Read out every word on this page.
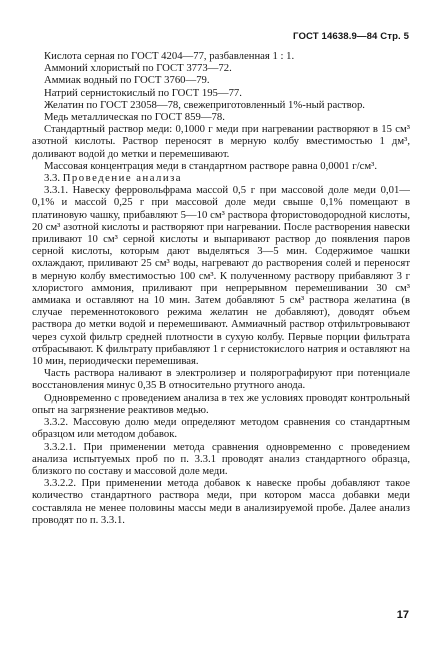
ГОСТ 14638.9—84 Стр. 5

Кислота серная по ГОСТ 4204—77, разбавленная 1 : 1.

Аммоний хлористый по ГОСТ 3773—72.

Аммиак водный по ГОСТ 3760—79.

Натрий сернистокислый по ГОСТ 195—77.

Желатин по ГОСТ 23058—78, свежеприготовленный 1%-ный раствор.

Медь металлическая по ГОСТ 859—78.

Стандартный раствор меди: 0,1000 г меди при нагревании растворяют в 15 см³ азотной кислоты. Раствор переносят в мерную колбу вместимостью 1 дм³, доливают водой до метки и перемешивают.

Массовая концентрация меди в стандартном растворе равна 0,0001 г/см³.

3.3. Проведение анализа

3.3.1. Навеску ферровольфрама массой 0,5 г при массовой доле меди 0,01—0,1% и массой 0,25 г при массовой доле меди свыше 0,1% помещают в платиновую чашку, прибавляют 5—10 см³ раствора фтористоводородной кислоты, 20 см³ азотной кислоты и растворяют при нагревании. После растворения навески приливают 10 см³ серной кислоты и выпаривают раствор до появления паров серной кислоты, которым дают выделяться 3—5 мин. Содержимое чашки охлаждают, приливают 25 см³ воды, нагревают до растворения солей и переносят в мерную колбу вместимостью 100 см³. К полученному раствору прибавляют 3 г хлористого аммония, приливают при непрерывном перемешивании 30 см³ аммиака и оставляют на 10 мин. Затем добавляют 5 см³ раствора желатина (в случае переменнотокового режима желатин не добавляют), доводят объем раствора до метки водой и перемешивают. Аммиачный раствор отфильтровывают через сухой фильтр средней плотности в сухую колбу. Первые порции фильтрата отбрасывают. К фильтрату прибавляют 1 г сернистокислого натрия и оставляют на 10 мин, периодически перемешивая.

Часть раствора наливают в электролизер и полярографируют при потенциале восстановления минус 0,35 В относительно ртутного анода.

Одновременно с проведением анализа в тех же условиях проводят контрольный опыт на загрязнение реактивов медью.

3.3.2. Массовую долю меди определяют методом сравнения со стандартным образцом или методом добавок.

3.3.2.1. При применении метода сравнения одновременно с проведением анализа испытуемых проб по п. 3.3.1 проводят анализ стандартного образца, близкого по составу и массовой доле меди.

3.3.2.2. При применении метода добавок к навеске пробы добавляют такое количество стандартного раствора меди, при котором масса добавки меди составляла не менее половины массы меди в анализируемой пробе. Далее анализ проводят по п. 3.3.1.

17
